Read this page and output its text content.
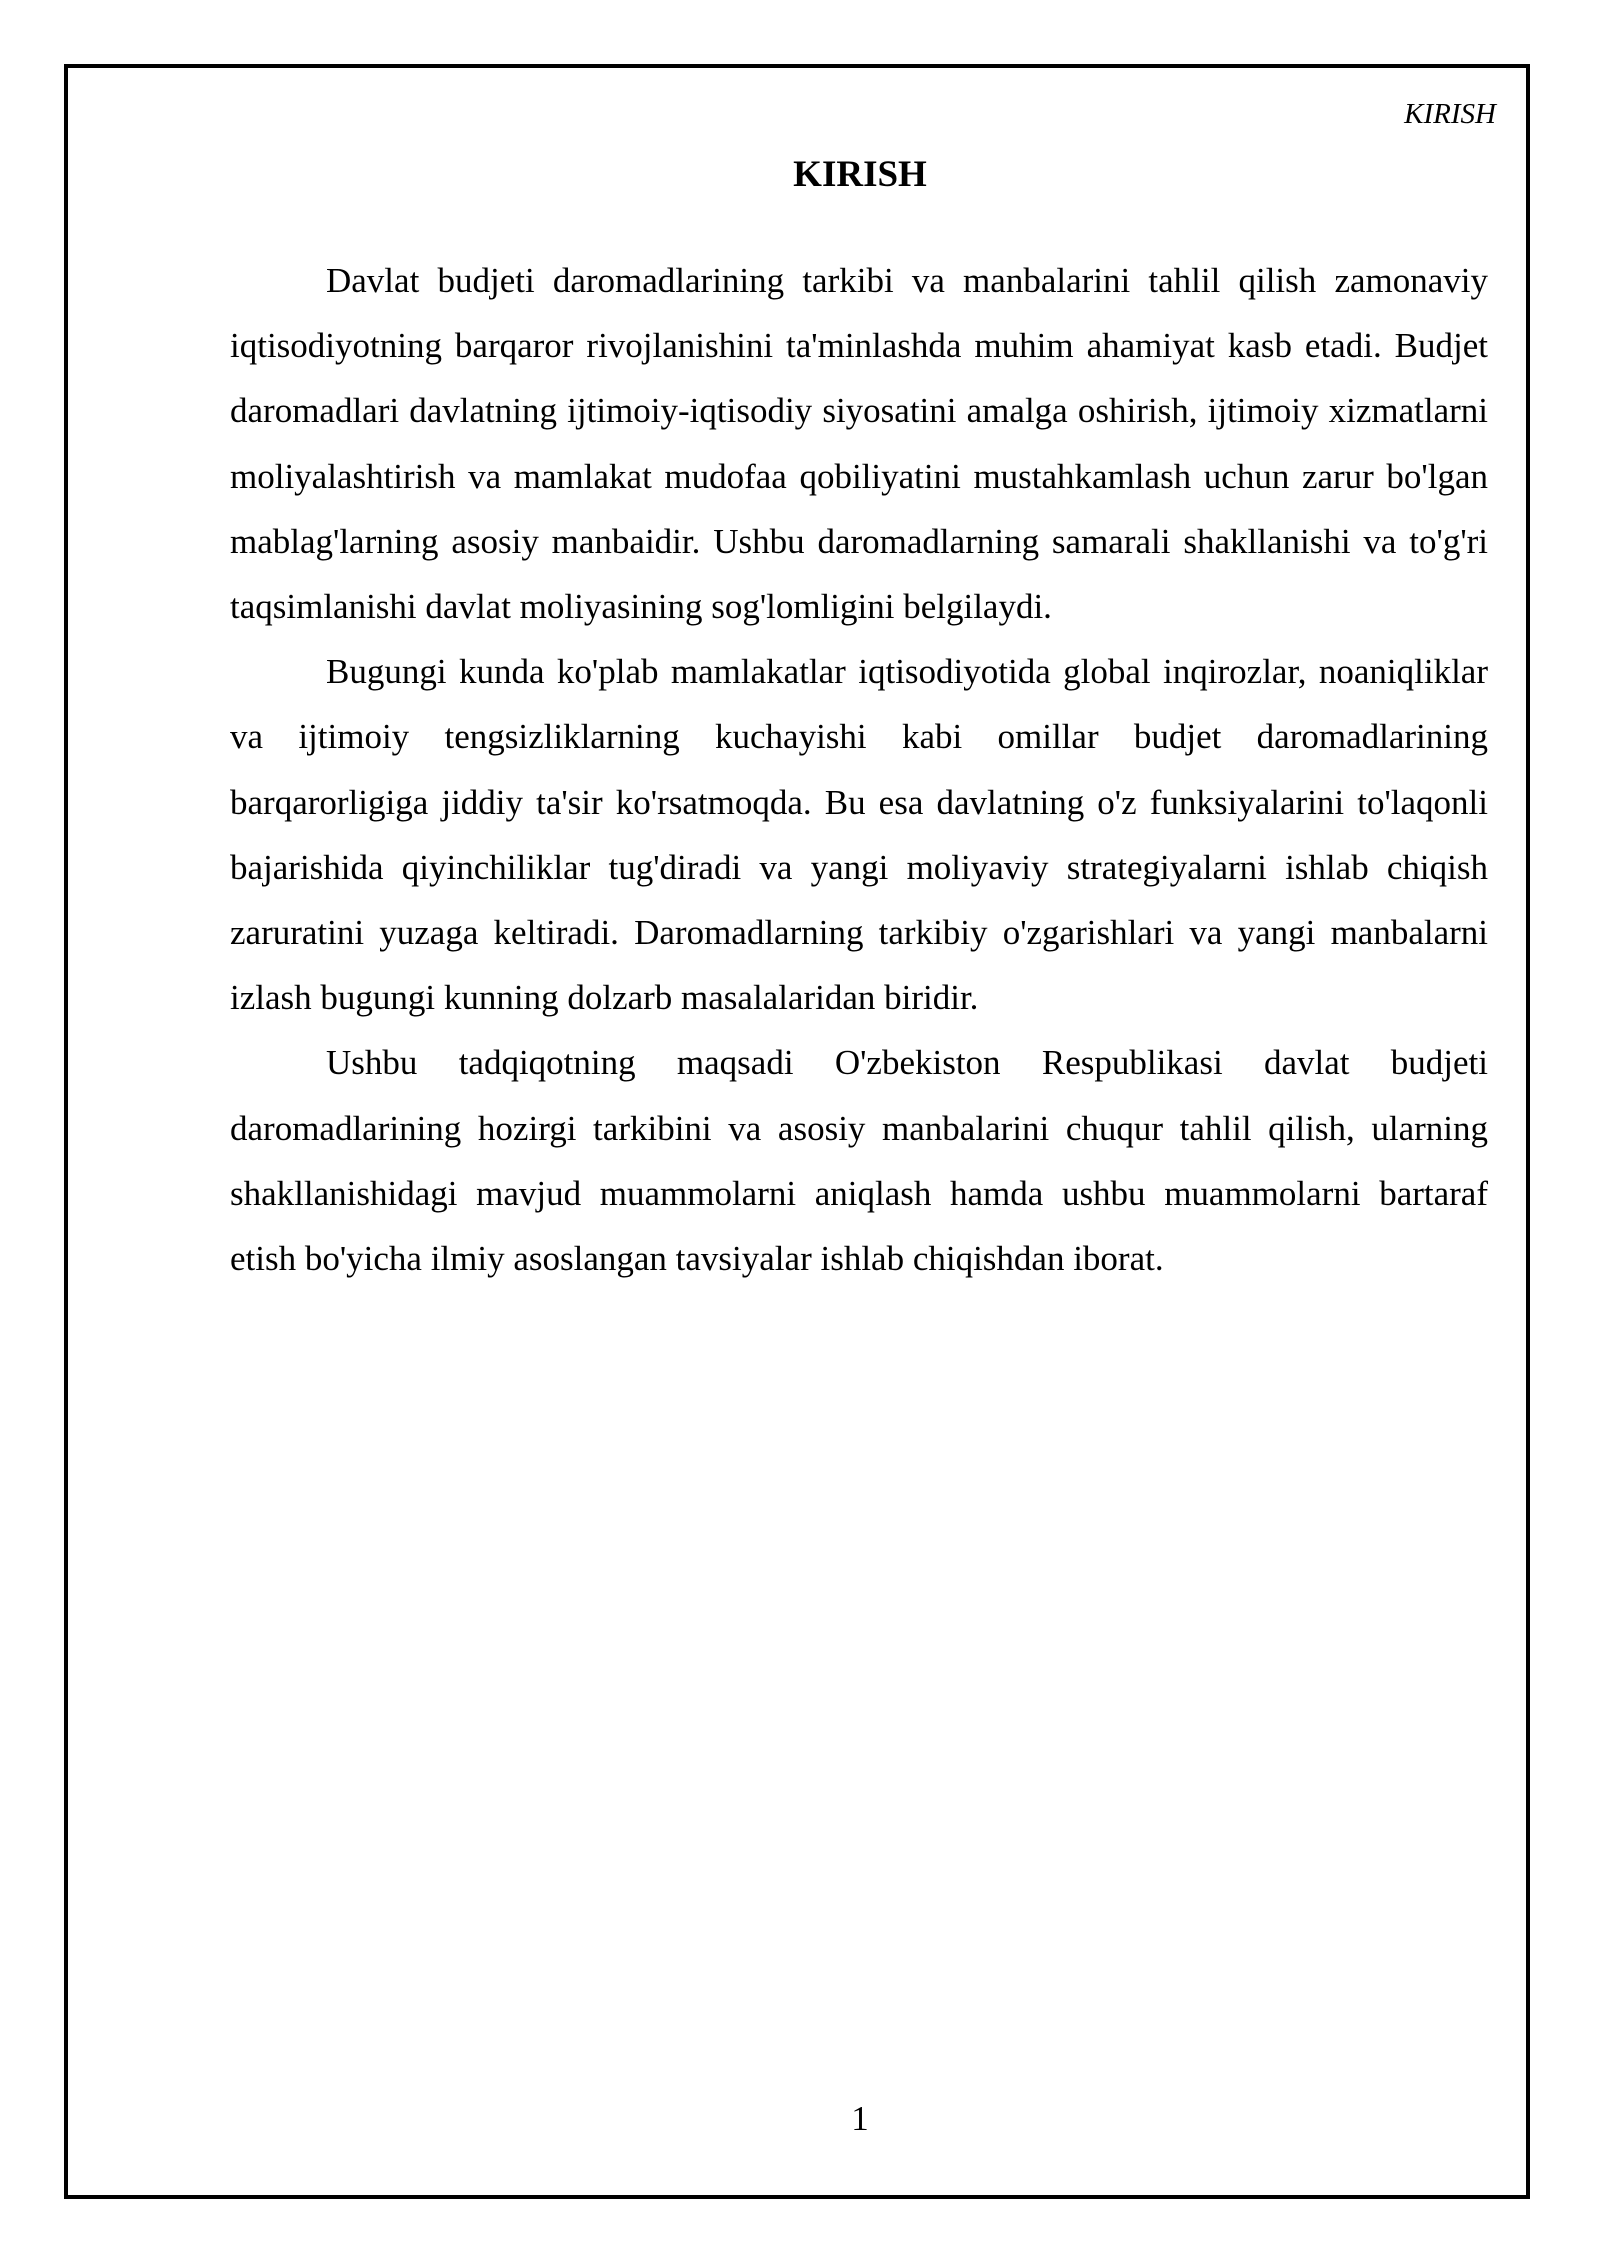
KIRISH
KIRISH

Davlat budjeti daromadlarining tarkibi va manbalarini tahlil qilish zamonaviy iqtisodiyotning barqaror rivojlanishini ta'minlashda muhim ahamiyat kasb etadi. Budjet daromadlari davlatning ijtimoiy-iqtisodiy siyosatini amalga oshirish, ijtimoiy xizmatlarni moliyalashtirish va mamlakat mudofaa qobiliyatini mustahkamlash uchun zarur bo'lgan mablag'larning asosiy manbaidir. Ushbu daromadlarning samarali shakllanishi va to'g'ri taqsimlanishi davlat moliyasining sog'lomligini belgilaydi.

Bugungi kunda ko'plab mamlakatlar iqtisodiyotida global inqirozlar, noaniqliklar va ijtimoiy tengsizliklarning kuchayishi kabi omillar budjet daromadlarining barqarorligiga jiddiy ta'sir ko'rsatmoqda. Bu esa davlatning o'z funksiyalarini to'laqonli bajarishida qiyinchiliklar tug'diradi va yangi moliyaviy strategiyalarni ishlab chiqish zaruratini yuzaga keltiradi. Daromadlarning tarkibiy o'zgarishlari va yangi manbalarni izlash bugungi kunning dolzarb masalalaridan biridir.

Ushbu tadqiqotning maqsadi O'zbekiston Respublikasi davlat budjeti daromadlarining hozirgi tarkibini va asosiy manbalarini chuqur tahlil qilish, ularning shakllanishidagi mavjud muammolarni aniqlash hamda ushbu muammolarni bartaraf etish bo'yicha ilmiy asoslangan tavsiyalar ishlab chiqishdan iborat.

1
